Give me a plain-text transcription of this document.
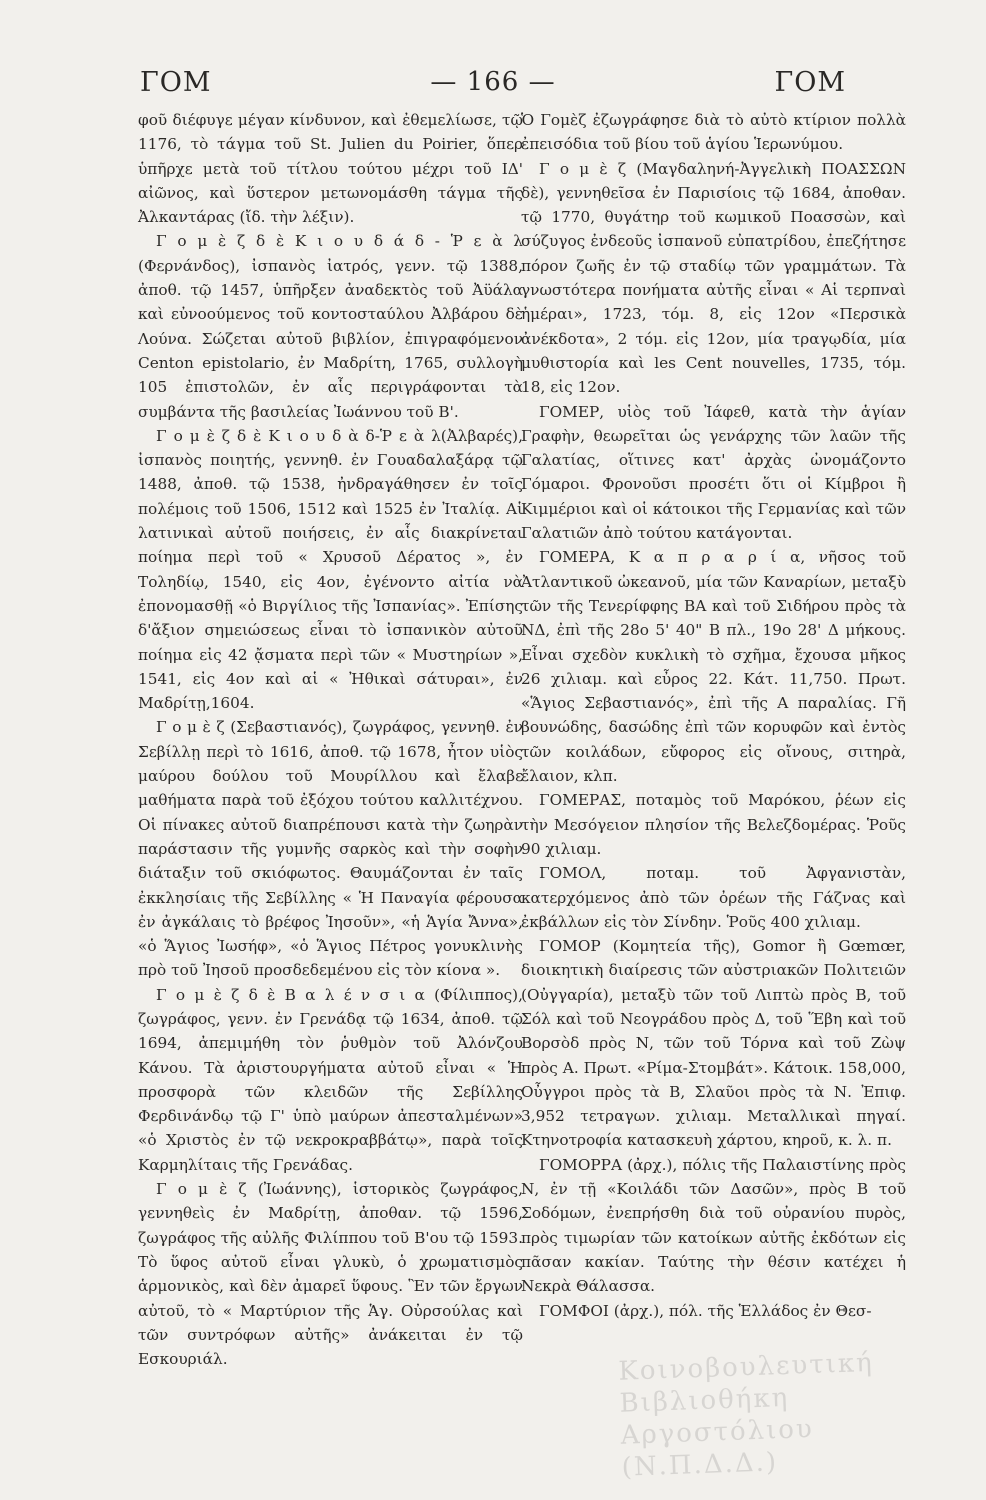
ΓΟΜ	— 166 —	ΓΟΜ

φοῦ διέφυγε μέγαν κίνδυνον, καὶ ἐθεμελίωσε, τῷ 1176, τὸ τάγμα τοῦ St. Julien du Poirier, ὅπερ ὑπῆρχε μετὰ τοῦ τίτλου τούτου μέχρι τοῦ ΙΔ' αἰῶνος, καὶ ὕστερον μετωνομάσθη τάγμα τῆς Ἀλκαντάρας (ἴδ. τὴν λέξιν).

Γ ο μ ὲ ζ δ ὲ Κ ι ο υ δ ά δ - Ῥ ε ὰ λ (Φερνάνδος), ἰσπανὸς ἰατρός, γενν. τῷ 1388, ἀποθ. τῷ 1457, ὑπῆρξεν ἀναδεκτὸς τοῦ Ἀϋάλα καὶ εὐνοούμενος τοῦ κοντοσταύλου Ἀλβάρου δὲ Λούνα. Σώζεται αὐτοῦ βιβλίον, ἐπιγραφόμενον Centon epistolario, ἐν Μαδρίτη, 1765, συλλογὴ 105 ἐπιστολῶν, ἐν αἷς περιγράφονται τὰ συμβάντα τῆς βασιλείας Ἰωάννου τοῦ Β'.

Γ ο μ ὲ ζ δ ὲ Κ ι ο υ δ ὰ δ-Ῥ ε ὰ λ(Ἀλβαρές), ἰσπανὸς ποιητής, γεννηθ. ἐν Γουαδαλαξάρᾳ τῷ 1488, ἀποθ. τῷ 1538, ἠνδραγάθησεν ἐν τοῖς πολέμοις τοῦ 1506, 1512 καὶ 1525 ἐν Ἰταλίᾳ. Αἱ λατινικαὶ αὐτοῦ ποιήσεις, ἐν αἷς διακρίνεται ποίημα περὶ τοῦ « Χρυσοῦ Δέρατος », ἐν Τοληδίῳ, 1540, εἰς 4ον, ἐγένοντο αἰτία νὰ ἐπονομασθῇ «ὁ Βιργίλιος τῆς Ἰσπανίας». Ἐπίσης δ'ἄξιον σημειώσεως εἶναι τὸ ἰσπανικὸν αὐτοῦ ποίημα εἰς 42 ᾄσματα περὶ τῶν « Μυστηρίων », 1541, εἰς 4ον καὶ αἱ « Ἠθικαὶ σάτυραι», ἐν Μαδρίτῃ,1604.

Γ ο μ ὲ ζ (Σεβαστιανός), ζωγράφος, γεννηθ. ἐν Σεβίλλῃ περὶ τὸ 1616, ἀποθ. τῷ 1678, ἦτον υἱὸς μαύρου δούλου τοῦ Μουρίλλου καὶ ἔλαβε μαθήματα παρὰ τοῦ ἐξόχου τούτου καλλιτέχνου. Οἱ πίνακες αὐτοῦ διαπρέπουσι κατὰ τὴν ζωηρὰν παράστασιν τῆς γυμνῆς σαρκὸς καὶ τὴν σοφὴν διάταξιν τοῦ σκιόφωτος. Θαυμάζονται ἐν ταῖς ἐκκλησίαις τῆς Σεβίλλης « Ἡ Παναγία φέρουσα ἐν ἀγκάλαις τὸ βρέφος Ἰησοῦν», «ἡ Ἁγία Ἄννα», «ὁ Ἅγιος Ἰωσήφ», «ὁ Ἅγιος Πέτρος γονυκλινὴς πρὸ τοῦ Ἰησοῦ προσδεδεμένου εἰς τὸν κίονα ».

Γ ο μ ὲ ζ δ ὲ Β α λ έ ν σ ι α (Φίλιππος), ζωγράφος, γενν. ἐν Γρενάδᾳ τῷ 1634, ἀποθ. τῷ 1694, ἀπεμιμήθη τὸν ῥυθμὸν τοῦ Ἀλόνζου Κάνου. Τὰ ἀριστουργήματα αὐτοῦ εἶναι « Ἡ προσφορὰ τῶν κλειδῶν τῆς Σεβίλλης Φερδινάνδῳ τῷ Γ' ὑπὸ μαύρων ἀπεσταλμένων» «ὁ Χριστὸς ἐν τῷ νεκροκραββάτῳ», παρὰ τοῖς Καρμηλίταις τῆς Γρενάδας.

Γ ο μ ὲ ζ (Ἰωάννης), ἱστορικὸς ζωγράφος, γεννηθεὶς ἐν Μαδρίτῃ, ἀποθαν. τῷ 1596, ζωγράφος τῆς αὐλῆς Φιλίππου τοῦ Β'ου τῷ 1593. Τὸ ὕφος αὐτοῦ εἶναι γλυκὺ, ὁ χρωματισμὸς ἁρμονικὸς, καὶ δὲν ἀμαρεῖ ὕφους. Ἓν τῶν ἔργων αὐτοῦ, τὸ « Μαρτύριον τῆς Ἁγ. Οὐρσούλας καὶ τῶν συντρόφων αὐτῆς» ἀνάκειται ἐν τῷ Εσκουριάλ.

Ὁ Γομὲζ ἐζωγράφησε διὰ τὸ αὐτὸ κτίριον πολλὰ ἐπεισόδια τοῦ βίου τοῦ ἁγίου Ἱερωνύμου.

Γ ο μ ὲ ζ (Μαγδαληνή-Ἀγγελικὴ ΠΟΑΣΣΩΝ δὲ), γεννηθεῖσα ἐν Παρισίοις τῷ 1684, ἀποθαν. τῷ 1770, θυγάτηρ τοῦ κωμικοῦ Ποασσὼν, καὶ σύζυγος ἐνδεοῦς ἰσπανοῦ εὐπατρίδου, ἐπεζήτησε πόρον ζωῆς ἐν τῷ σταδίῳ τῶν γραμμάτων. Τὰ γνωστότερα πονήματα αὐτῆς εἶναι « Αἱ τερπναὶ ἡμέραι», 1723, τόμ. 8, εἰς 12ον «Περσικὰ ἀνέκδοτα», 2 τόμ. εἰς 12ον, μία τραγῳδία, μία μυθιστορία καὶ les Cent nouvelles, 1735, τόμ. 18, εἰς 12ον.

ΓΟΜΕΡ, υἱὸς τοῦ Ἰάφεθ, κατὰ τὴν ἁγίαν Γραφὴν, θεωρεῖται ὡς γενάρχης τῶν λαῶν τῆς Γαλατίας, οἵτινες κατ' ἀρχὰς ὠνομάζοντο Γόμαροι. Φρονοῦσι προσέτι ὅτι οἱ Κίμβροι ἢ Κιμμέριοι καὶ οἱ κάτοικοι τῆς Γερμανίας καὶ τῶν Γαλατιῶν ἀπὸ τούτου κατάγονται.

ΓΟΜΕΡΑ, Κ α π ρ α ρ ί α, νῆσος τοῦ Ἀτλαντικοῦ ὠκεανοῦ, μία τῶν Καναρίων, μεταξὺ τῶν τῆς Τενερίφφης ΒΑ καὶ τοῦ Σιδήρου πρὸς τὰ ΝΔ, ἐπὶ τῆς 28ο 5' 40" Β πλ., 19ο 28' Δ μήκους. Εἶναι σχεδὸν κυκλικὴ τὸ σχῆμα, ἔχουσα μῆκος 26 χιλιαμ. καὶ εὖρος 22. Κάτ. 11,750. Πρωτ. «Ἅγιος Σεβαστιανός», ἐπὶ τῆς Α παραλίας. Γῆ βουνώδης, δασώδης ἐπὶ τῶν κορυφῶν καὶ ἐντὸς τῶν κοιλάδων, εὔφορος εἰς οἴνους, σιτηρὰ, ἔλαιον, κλπ.

ΓΟΜΕΡΑΣ, ποταμὸς τοῦ Μαρόκου, ῥέων εἰς τὴν Μεσόγειον πλησίον τῆς Βελεζδομέρας. Ῥοῦς 90 χιλιαμ.

ΓΟΜΟΛ, ποταμ. τοῦ Ἀφγανιστὰν, κατερχόμενος ἀπὸ τῶν ὀρέων τῆς Γάζνας καὶ ἐκβάλλων εἰς τὸν Σίνδην. Ῥοῦς 400 χιλιαμ.

ΓΟΜΟΡ (Κομητεία τῆς), Gomor ἢ Gœmœr, διοικητικὴ διαίρεσις τῶν αὐστριακῶν Πολιτειῶν (Οὐγγαρία), μεταξὺ τῶν τοῦ Λιπτὼ πρὸς Β, τοῦ Σόλ καὶ τοῦ Νεογράδου πρὸς Δ, τοῦ Ἕβη καὶ τοῦ Βορσὸδ πρὸς Ν, τῶν τοῦ Τόρνα καὶ τοῦ Ζὼψ πρὸς Α. Πρωτ. «Ρίμα-Στομβάτ». Κάτοικ. 158,000, Οὖγγροι πρὸς τὰ Β, Σλαῦοι πρὸς τὰ Ν. Ἐπιφ. 3,952 τετραγων. χιλιαμ. Μεταλλικαὶ πηγαί. Κτηνοτροφία κατασκευὴ χάρτου, κηροῦ, κ. λ. π.

ΓΟΜΟΡΡΑ (ἀρχ.), πόλις τῆς Παλαιστίνης πρὸς Ν, ἐν τῇ «Κοιλάδι τῶν Δασῶν», πρὸς Β τοῦ Σοδόμων, ἐνεπρήσθη διὰ τοῦ οὐρανίου πυρὸς, πρὸς τιμωρίαν τῶν κατοίκων αὐτῆς ἐκδότων εἰς πᾶσαν κακίαν. Ταύτης τὴν θέσιν κατέχει ἡ Νεκρὰ Θάλασσα.

ΓΟΜΦΟΙ (ἀρχ.), πόλ. τῆς Ἑλλάδος ἐν Θεσ-

Κοινοβουλευτική Βιβλιοθήκη Αργοστόλιου (Ν.Π.Δ.Δ.)
